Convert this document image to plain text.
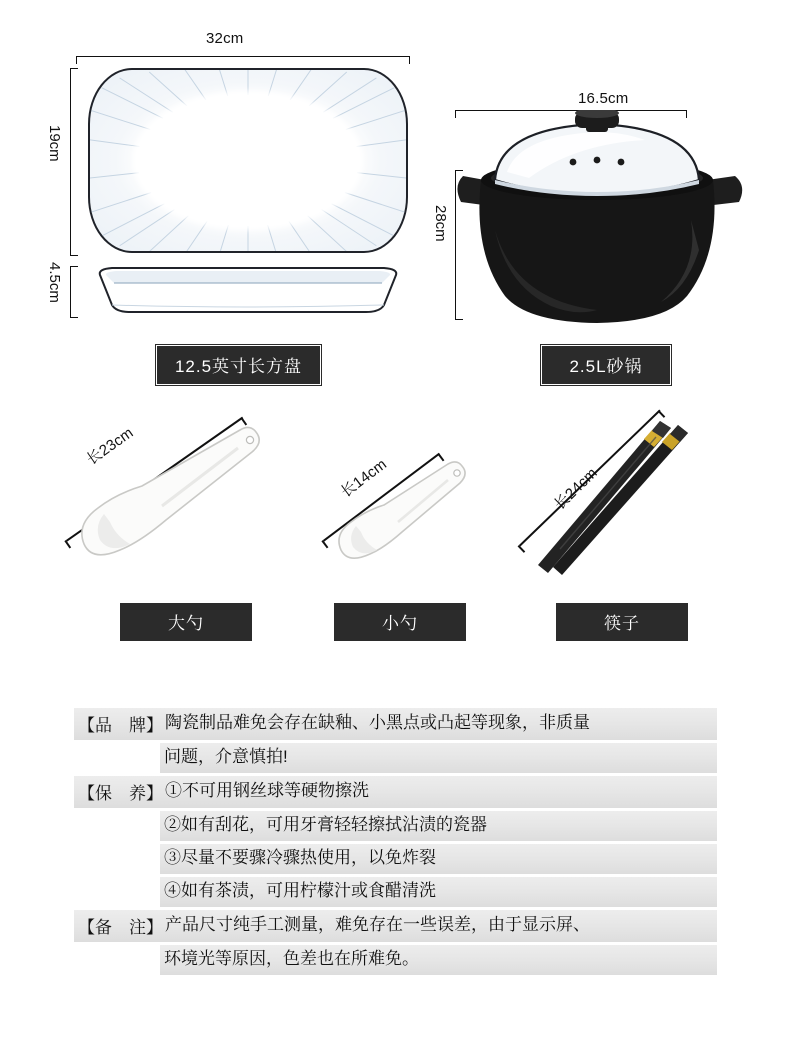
32cm
19cm
4.5cm
12.5英寸长方盘
16.5cm
28cm
2.5L砂锅
长23cm
大勺
长14cm
小勺
长24cm
筷子
【品　牌】 陶瓷制品难免会存在缺釉、小黑点或凸起等现象，非质量
问题，介意慎拍!
【保　养】 ①不可用钢丝球等硬物擦洗
②如有刮花，可用牙膏轻轻擦拭沾渍的瓷器
③尽量不要骤冷骤热使用，以免炸裂
④如有茶渍，可用柠檬汁或食醋清洗
【备　注】 产品尺寸纯手工测量，难免存在一些误差，由于显示屏、
环境光等原因，色差也在所难免。
